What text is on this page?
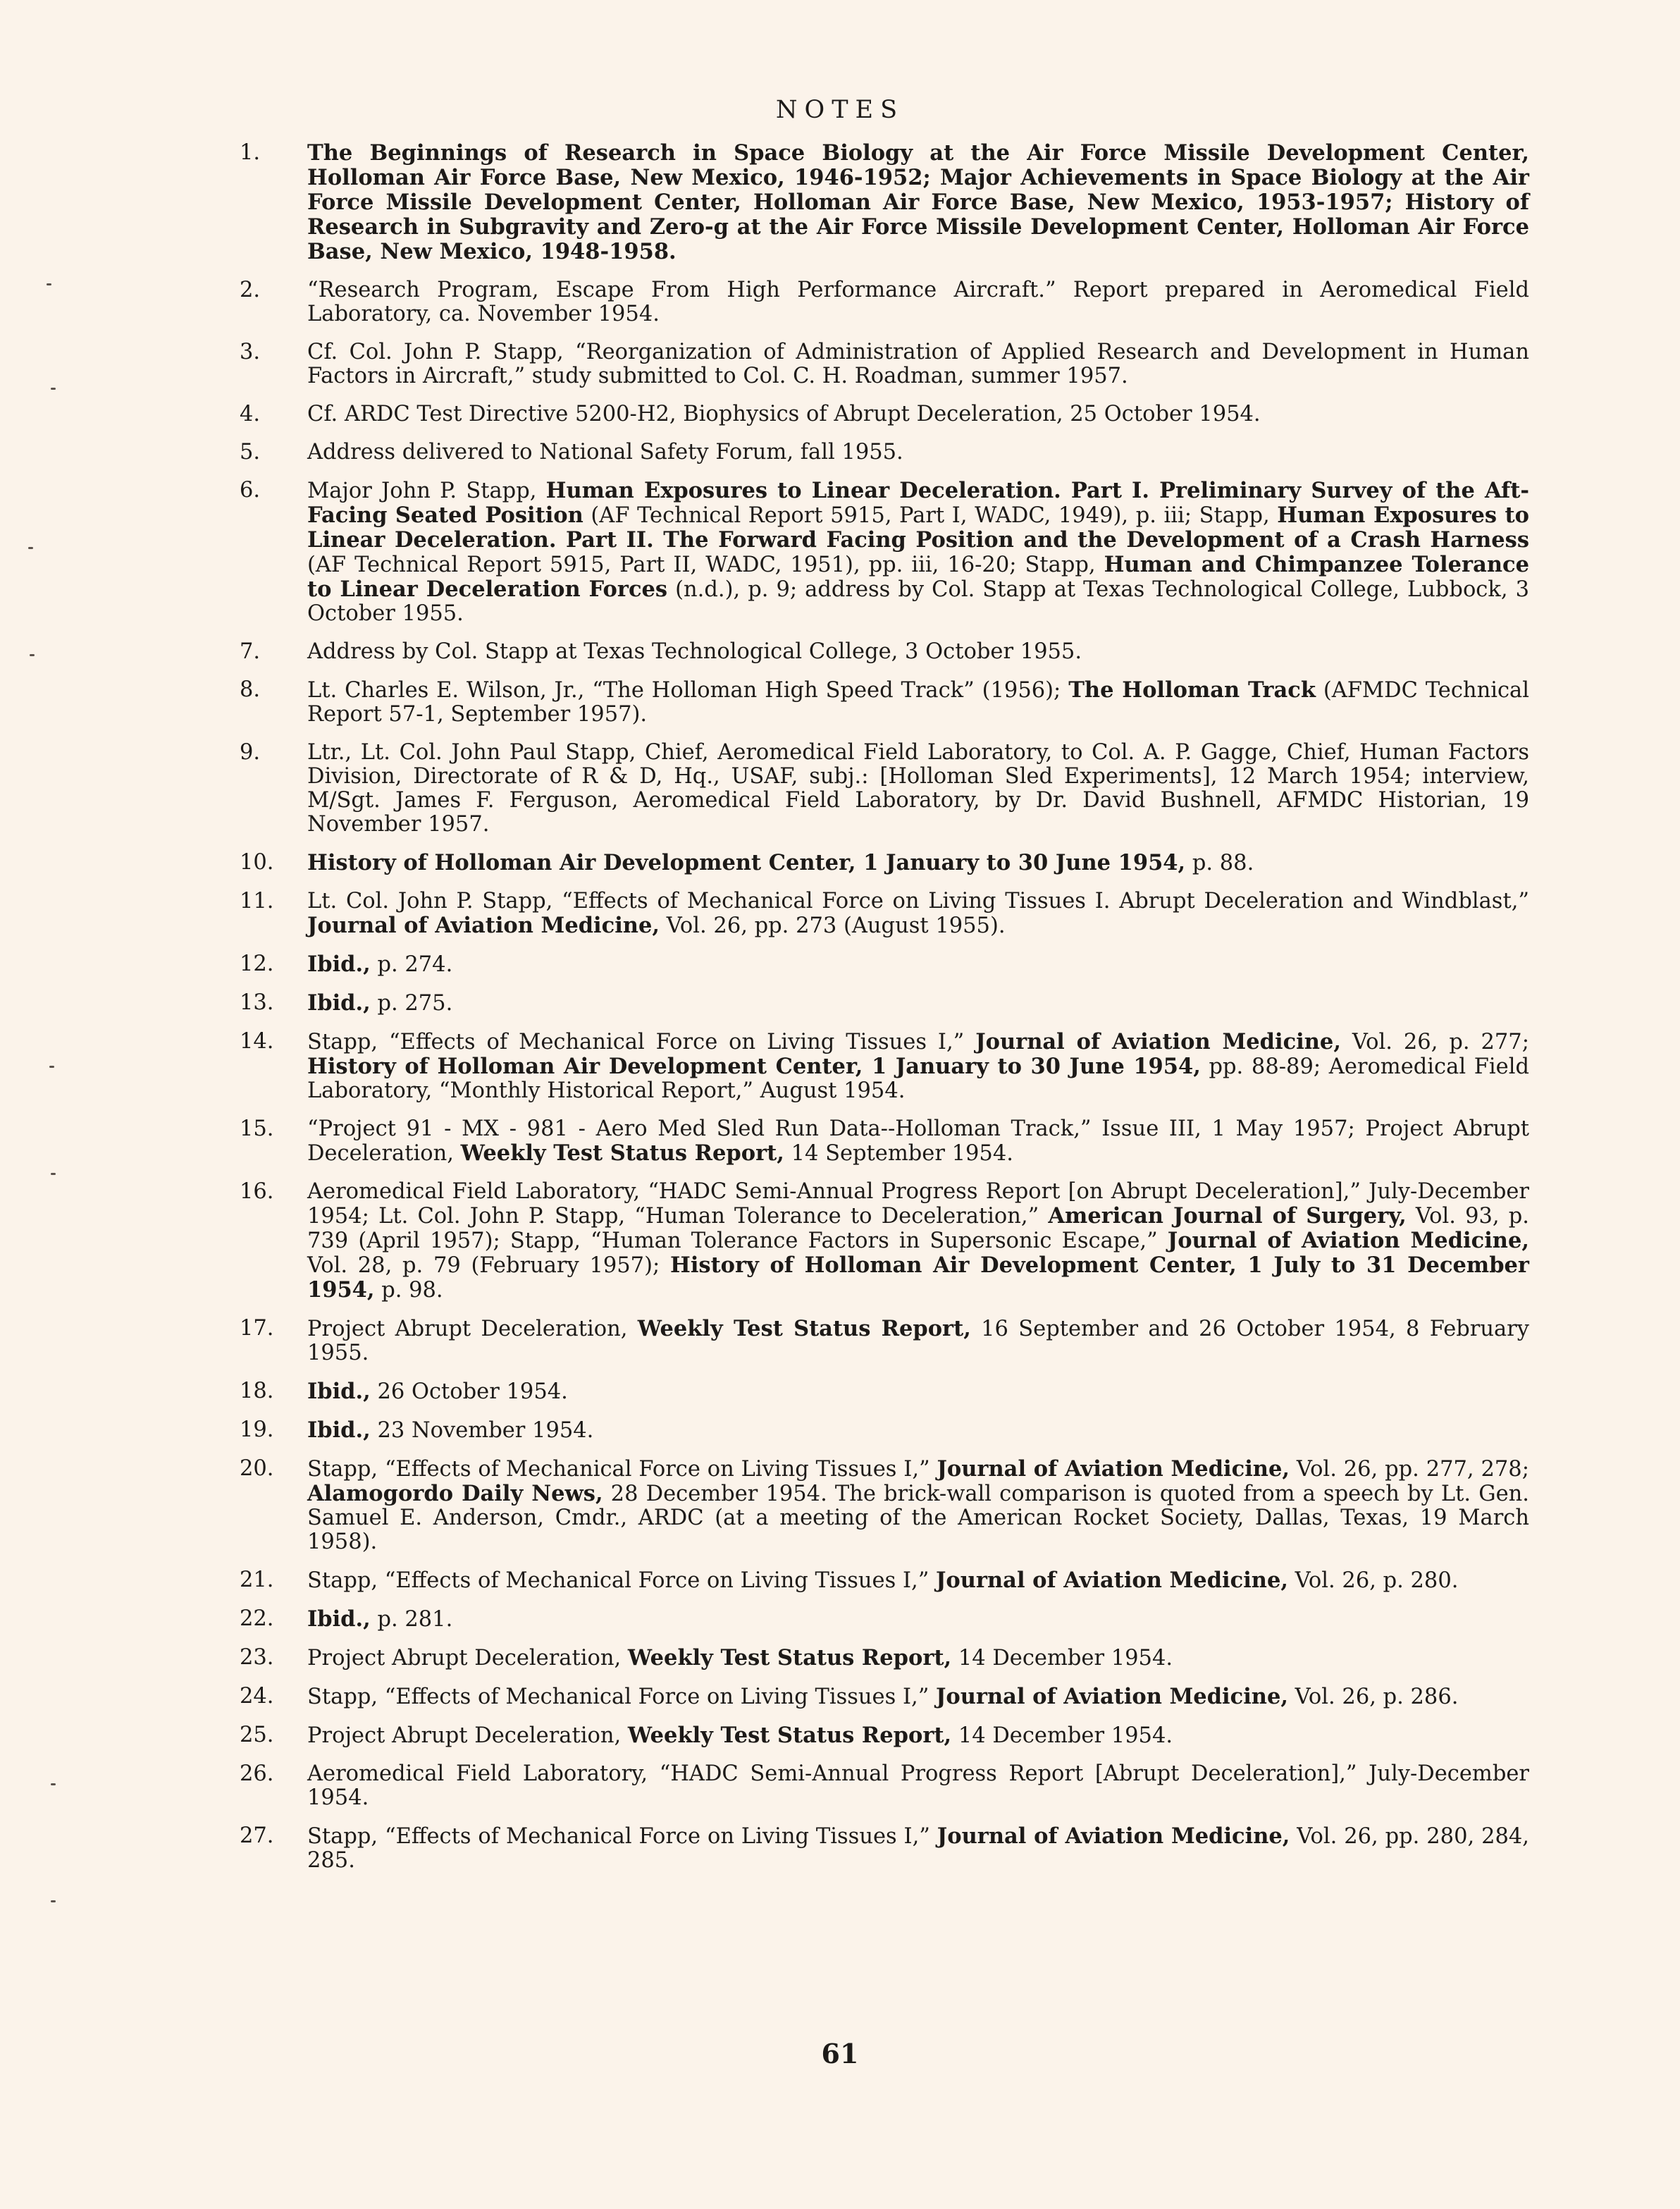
NOTES
1. The Beginnings of Research in Space Biology at the Air Force Missile Development Center, Holloman Air Force Base, New Mexico, 1946-1952; Major Achievements in Space Biology at the Air Force Missile Development Center, Holloman Air Force Base, New Mexico, 1953-1957; History of Research in Subgravity and Zero-g at the Air Force Missile Development Center, Holloman Air Force Base, New Mexico, 1948-1958.
2. “Research Program, Escape From High Performance Aircraft.” Report prepared in Aeromedical Field Laboratory, ca. November 1954.
3. Cf. Col. John P. Stapp, “Reorganization of Administration of Applied Research and Development in Human Factors in Aircraft,” study submitted to Col. C. H. Roadman, summer 1957.
4. Cf. ARDC Test Directive 5200-H2, Biophysics of Abrupt Deceleration, 25 October 1954.
5. Address delivered to National Safety Forum, fall 1955.
6. Major John P. Stapp, Human Exposures to Linear Deceleration. Part I. Preliminary Survey of the Aft-Facing Seated Position (AF Technical Report 5915, Part I, WADC, 1949), p. iii; Stapp, Human Exposures to Linear Deceleration. Part II. The Forward Facing Position and the Development of a Crash Harness (AF Technical Report 5915, Part II, WADC, 1951), pp. iii, 16-20; Stapp, Human and Chimpanzee Tolerance to Linear Deceleration Forces (n.d.), p. 9; address by Col. Stapp at Texas Technological College, Lubbock, 3 October 1955.
7. Address by Col. Stapp at Texas Technological College, 3 October 1955.
8. Lt. Charles E. Wilson, Jr., “The Holloman High Speed Track” (1956); The Holloman Track (AFMDC Technical Report 57-1, September 1957).
9. Ltr., Lt. Col. John Paul Stapp, Chief, Aeromedical Field Laboratory, to Col. A. P. Gagge, Chief, Human Factors Division, Directorate of R & D, Hq., USAF, subj.: [Holloman Sled Experiments], 12 March 1954; interview, M/Sgt. James F. Ferguson, Aeromedical Field Laboratory, by Dr. David Bushnell, AFMDC Historian, 19 November 1957.
10. History of Holloman Air Development Center, 1 January to 30 June 1954, p. 88.
11. Lt. Col. John P. Stapp, “Effects of Mechanical Force on Living Tissues I. Abrupt Deceleration and Windblast,” Journal of Aviation Medicine, Vol. 26, pp. 273 (August 1955).
12. Ibid., p. 274.
13. Ibid., p. 275.
14. Stapp, “Effects of Mechanical Force on Living Tissues I,” Journal of Aviation Medicine, Vol. 26, p. 277; History of Holloman Air Development Center, 1 January to 30 June 1954, pp. 88-89; Aeromedical Field Laboratory, “Monthly Historical Report,” August 1954.
15. “Project 91 - MX - 981 - Aero Med Sled Run Data--Holloman Track,” Issue III, 1 May 1957; Project Abrupt Deceleration, Weekly Test Status Report, 14 September 1954.
16. Aeromedical Field Laboratory, “HADC Semi-Annual Progress Report [on Abrupt Deceleration],” July-December 1954; Lt. Col. John P. Stapp, “Human Tolerance to Deceleration,” American Journal of Surgery, Vol. 93, p. 739 (April 1957); Stapp, “Human Tolerance Factors in Supersonic Escape,” Journal of Aviation Medicine, Vol. 28, p. 79 (February 1957); History of Holloman Air Development Center, 1 July to 31 December 1954, p. 98.
17. Project Abrupt Deceleration, Weekly Test Status Report, 16 September and 26 October 1954, 8 February 1955.
18. Ibid., 26 October 1954.
19. Ibid., 23 November 1954.
20. Stapp, “Effects of Mechanical Force on Living Tissues I,” Journal of Aviation Medicine, Vol. 26, pp. 277, 278; Alamogordo Daily News, 28 December 1954. The brick-wall comparison is quoted from a speech by Lt. Gen. Samuel E. Anderson, Cmdr., ARDC (at a meeting of the American Rocket Society, Dallas, Texas, 19 March 1958).
21. Stapp, “Effects of Mechanical Force on Living Tissues I,” Journal of Aviation Medicine, Vol. 26, p. 280.
22. Ibid., p. 281.
23. Project Abrupt Deceleration, Weekly Test Status Report, 14 December 1954.
24. Stapp, “Effects of Mechanical Force on Living Tissues I,” Journal of Aviation Medicine, Vol. 26, p. 286.
25. Project Abrupt Deceleration, Weekly Test Status Report, 14 December 1954.
26. Aeromedical Field Laboratory, “HADC Semi-Annual Progress Report [Abrupt Deceleration],” July-December 1954.
27. Stapp, “Effects of Mechanical Force on Living Tissues I,” Journal of Aviation Medicine, Vol. 26, pp. 280, 284, 285.
61
